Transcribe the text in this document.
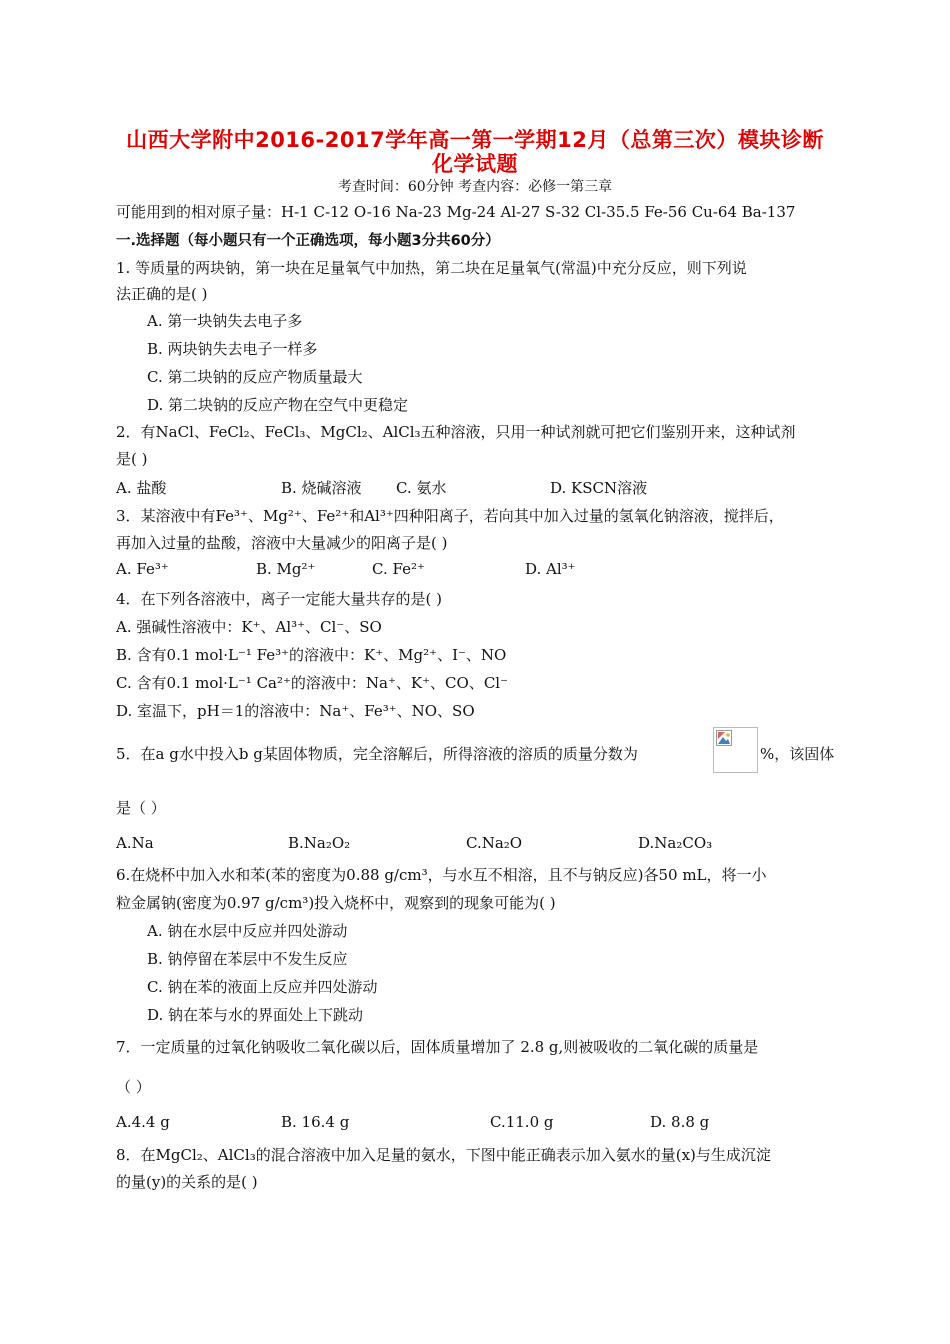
山西大学附中2016-2017学年高一第一学期12月（总第三次）模块诊断
化学试题
考查时间：60分钟 考查内容：必修一第三章
可能用到的相对原子量：H-1 C-12 O-16 Na-23 Mg-24 Al-27 S-32 Cl-35.5 Fe-56 Cu-64 Ba-137
一.选择题（每小题只有一个正确选项，每小题3分共60分）
1. 等质量的两块钠，第一块在足量氧气中加热，第二块在足量氧气(常温)中充分反应，则下列说
法正确的是( )
A. 第一块钠失去电子多
B. 两块钠失去电子一样多
C. 第二块钠的反应产物质量最大
D. 第二块钠的反应产物在空气中更稳定
2．有NaCl、FeCl₂、FeCl₃、MgCl₂、AlCl₃五种溶液，只用一种试剂就可把它们鉴别开来，这种试剂
是( )
A. 盐酸	B. 烧碱溶液 C. 氨水	D. KSCN溶液
3．某溶液中有Fe³⁺、Mg²⁺、Fe²⁺和Al³⁺四种阳离子，若向其中加入过量的氢氧化钠溶液，搅拌后，
再加入过量的盐酸，溶液中大量减少的阳离子是( )
A. Fe³⁺	B. Mg²⁺	C. Fe²⁺	D. Al³⁺
4．在下列各溶液中，离子一定能大量共存的是( )
A. 强碱性溶液中：K⁺、Al³⁺、Cl⁻、SO
B. 含有0.1 mol·L⁻¹ Fe³⁺的溶液中：K⁺、Mg²⁺、I⁻、NO
C. 含有0.1 mol·L⁻¹ Ca²⁺的溶液中：Na⁺、K⁺、CO、Cl⁻
D. 室温下，pH＝1的溶液中：Na⁺、Fe³⁺、NO、SO
5．在a g水中投入b g某固体物质，完全溶解后，所得溶液的溶质的质量分数为	%，该固体
是（ ）
A.Na	B.Na₂O₂	C.Na₂O	D.Na₂CO₃
6.在烧杯中加入水和苯(苯的密度为0.88 g/cm³，与水互不相溶，且不与钠反应)各50 mL，将一小
粒金属钠(密度为0.97 g/cm³)投入烧杯中，观察到的现象可能为( )
A. 钠在水层中反应并四处游动
B. 钠停留在苯层中不发生反应
C. 钠在苯的液面上反应并四处游动
D. 钠在苯与水的界面处上下跳动
7．一定质量的过氧化钠吸收二氧化碳以后，固体质量增加了 2.8 g,则被吸收的二氧化碳的质量是
（ ）
A.4.4 g	B. 16.4 g	C.11.0 g	D. 8.8 g
8．在MgCl₂、AlCl₃的混合溶液中加入足量的氨水，下图中能正确表示加入氨水的量(x)与生成沉淀
的量(y)的关系的是( )
